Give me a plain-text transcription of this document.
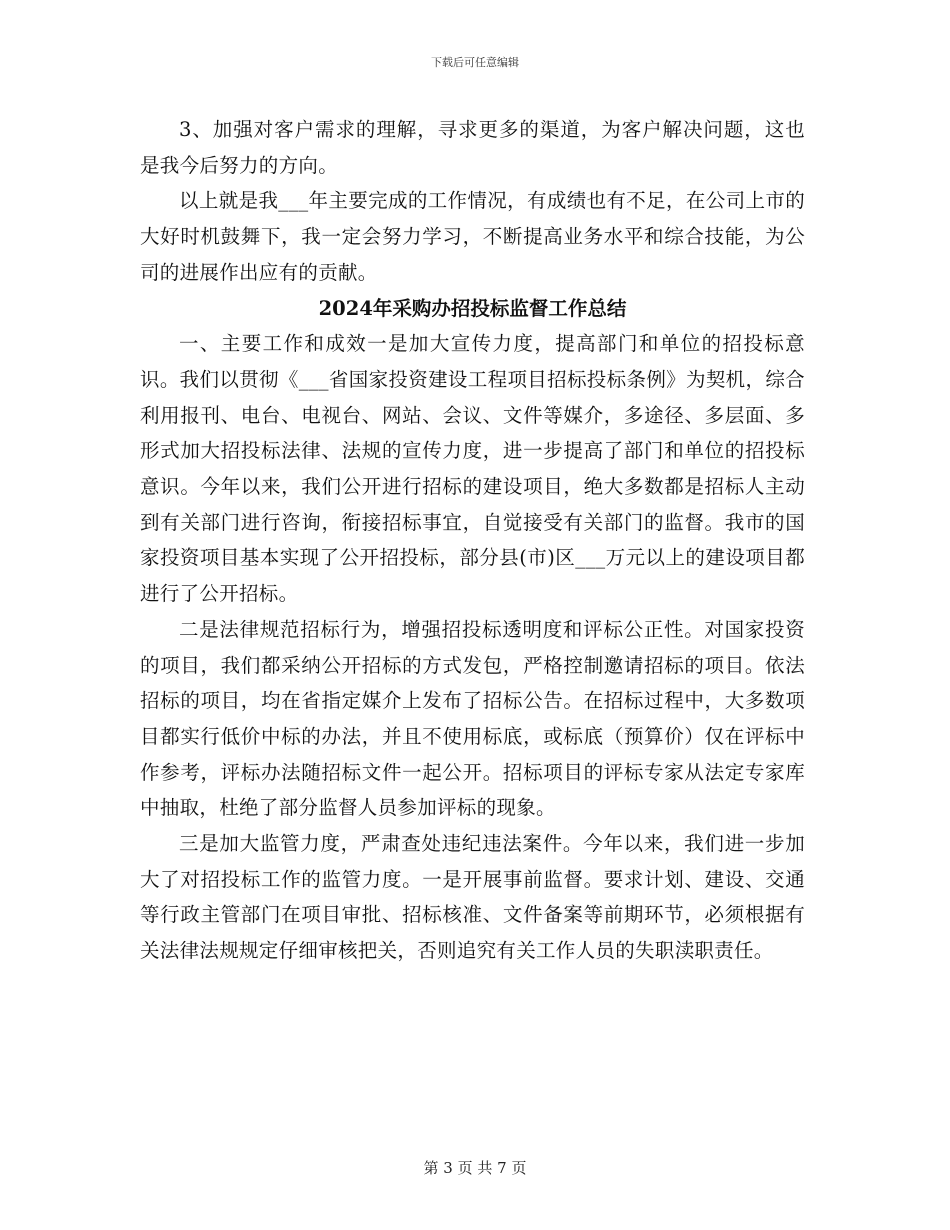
下载后可任意编辑

3、加强对客户需求的理解，寻求更多的渠道，为客户解决问题，这也是我今后努力的方向。

以上就是我___年主要完成的工作情况，有成绩也有不足，在公司上市的大好时机鼓舞下，我一定会努力学习，不断提高业务水平和综合技能，为公司的进展作出应有的贡献。

2024年采购办招投标监督工作总结

一、主要工作和成效一是加大宣传力度，提高部门和单位的招投标意识。我们以贯彻《___省国家投资建设工程项目招标投标条例》为契机，综合利用报刊、电台、电视台、网站、会议、文件等媒介，多途径、多层面、多形式加大招投标法律、法规的宣传力度，进一步提高了部门和单位的招投标意识。今年以来，我们公开进行招标的建设项目，绝大多数都是招标人主动到有关部门进行咨询，衔接招标事宜，自觉接受有关部门的监督。我市的国家投资项目基本实现了公开招投标，部分县(市)区___万元以上的建设项目都进行了公开招标。

二是法律规范招标行为，增强招投标透明度和评标公正性。对国家投资的项目，我们都采纳公开招标的方式发包，严格控制邀请招标的项目。依法招标的项目，均在省指定媒介上发布了招标公告。在招标过程中，大多数项目都实行低价中标的办法，并且不使用标底，或标底（预算价）仅在评标中作参考，评标办法随招标文件一起公开。招标项目的评标专家从法定专家库中抽取，杜绝了部分监督人员参加评标的现象。

三是加大监管力度，严肃查处违纪违法案件。今年以来，我们进一步加大了对招投标工作的监管力度。一是开展事前监督。要求计划、建设、交通等行政主管部门在项目审批、招标核准、文件备案等前期环节，必须根据有关法律法规规定仔细审核把关，否则追究有关工作人员的失职渎职责任。

第 3 页 共 7 页
